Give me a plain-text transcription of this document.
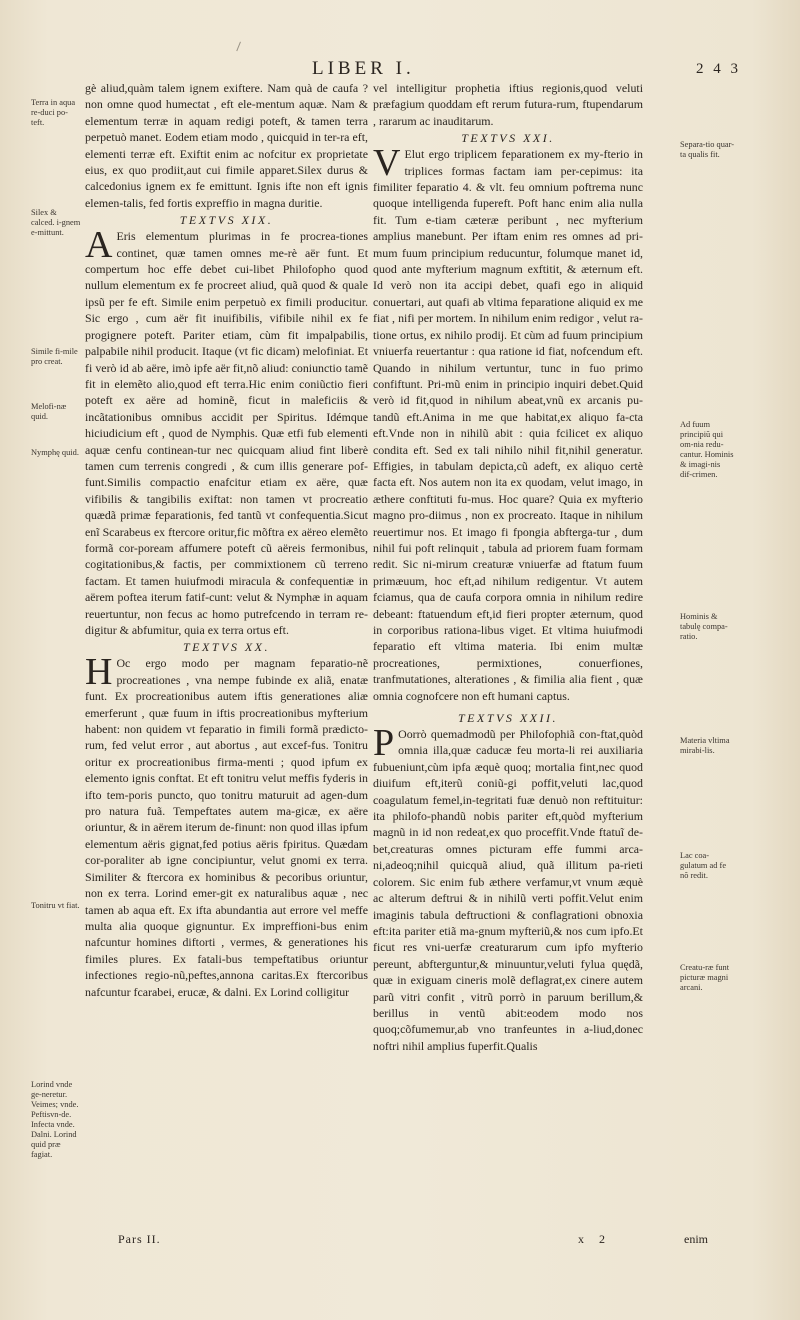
LIBER I.	2 4 3
Terra in aqua re-duci po-teft.
Silex & calced. i-gnem e-mittunt.
Simile fi-mile pro creat.
Melofi-næ quid.
Nymphę quid.
Tonitru vt fiat.
Lorind vnde ge-neretur. Veimes; vnde. Peftisvn-de. Infecta vnde. Dalni. Lorind quid præ fagiat.
Separa-tio quar-ta qualis fit.
Ad fuum principiũ qui om-nia redu-cantur. Hominis & imagi-nis dif-crimen.
Hominis & tabulę compa-ratio.
Materia vltima mirabi-lis.
Lac coa-gulatum ad fe nõ redit.
Creatu-ræ funt picturæ magni arcani.

gè aliud,quàm talem ignem exiftere. Nam quà de caufa ? non omne quod humectat , eft ele-mentum aquæ. Nam & elementum terræ in aquam redigi poteft, & tamen terra perpetuò manet. Eodem etiam modo , quicquid in ter-ra eft, elementi terræ eft. Exiftit enim ac nofcitur ex proprietate eius, ex quo prodiit,aut cui fimile apparet.Silex durus & calcedonius ignem ex fe emittunt. Ignis ifte non eft ignis elemen-talis, fed fortis expreffio in magna duritie.

TEXTVS XIX.

A Eris elementum plurimas in fe procrea-tiones continet, quæ tamen omnes me-rè aër funt. Et compertum hoc effe debet cui-libet Philofopho quod nullum elementum ex fe procreet aliud, quã quod & quale ipsũ per fe eft. Simile enim perpetuò ex fimili producitur. Sic ergo , cum aër fit inuifibilis, vifibile nihil ex fe progignere poteft. Pariter etiam, cùm fit impalpabilis, palpabile nihil producit. Itaque (vt fic dicam) melofiniat. Et fi verò id ab aëre, imò ipfe aër fit,nõ aliud: coniunctio tamẽ fit in elemẽto alio,quod eft terra.Hic enim coniũctio fieri poteft ex aëre ad hominẽ, ficut in maleficiis & incãtationibus omnibus accidit per Spiritus. Idémque hiciudicium eft , quod de Nymphis. Quæ etfi fub elementi aquæ cenfu continean-tur nec quicquam aliud fint liberè tamen cum terrenis congredi , & cum illis generare pof-funt.Similis compactio enafcitur etiam ex aëre, quæ vifibilis & tangibilis exiftat: non tamen vt procreatio quædã primæ feparationis, fed tantũ vt confequentia.Sicut enĩ Scarabeus ex ftercore oritur,fic mõftra ex aëreo elemẽto formã cor-poream affumere poteft cũ aëreis fermonibus, cogitationibus,& factis, per commixtionem cũ terreno factam. Et tamen huiufmodi miracula & confequentiæ in aërem poftea iterum fatif-cunt: velut & Nymphæ in aquam reuertuntur, non fecus ac homo putrefcendo in terram re-digitur & abfumitur, quia ex terra ortus eft.

TEXTVS XX.

H Oc ergo modo per magnam feparatio-nẽ procreationes , vna nempe fubinde ex aliã, enatæ funt. Ex procreationibus autem iftis generationes aliæ emerferunt , quæ fuum in iftis procreationibus myfterium habent: non quidem vt feparatio in fimili formã prædicto-rum, fed velut error , aut abortus , aut excef-fus. Tonitru oritur ex procreationibus firma-menti ; quod ipfum ex elemento ignis conftat. Et eft tonitru velut meffis fyderis in ifto tem-poris puncto, quo tonitru maturuit ad agen-dum pro natura fuã. Tempeftates autem ma-gicæ, ex aëre oriuntur, & in aërem iterum de-finunt: non quod illas ipfum elementum aëris gignat,fed potius aëris fpiritus. Quædam cor-poraliter ab igne concipiuntur, velut gnomi ex terra. Similiter & ftercora ex hominibus & pecoribus oriuntur, non ex terra. Lorind emer-git ex naturalibus aquæ , nec tamen ab aqua eft. Ex ifta abundantia aut errore vel meffe multa alia quoque gignuntur. Ex impreffioni-bus enim nafcuntur homines diftorti , vermes, & generationes his fimiles plures. Ex fatali-bus tempeftatibus oriuntur infectiones regio-nũ,peftes,annona caritas.Ex ftercoribus nafcuntur fcarabei, erucæ, & dalni. Ex Lorind colligitur

vel intelligitur prophetia iftius regionis,quod veluti præfagium quoddam eft rerum futura-rum, ftupendarum , rararum ac inauditarum.

TEXTVS XXI.

V Elut ergo triplicem feparationem ex my-fterio in triplices formas factam iam per-cepimus: ita fimiliter feparatio 4. & vlt. feu omnium poftrema nunc quoque intelligenda fupereft. Poft hanc enim alia nulla fit. Tum e-tiam cæteræ peribunt , nec myfterium amplius manebunt. Per iftam enim res omnes ad pri-mum fuum principium reducuntur, folumque manet id, quod ante myfterium magnum exftitit, & æternum eft. Id verò non ita accipi debet, quafi ego in aliquid conuertari, aut quafi ab vltima feparatione aliquid ex me fiat , nifi per mortem. In nihilum enim redigor , velut ra-tione ortus, ex nihilo prodij. Et cùm ad fuum principium vniuerfa reuertantur : qua ratione id fiat, nofcendum eft. Quando in nihilum vertuntur, tunc in fuo primo confiftunt. Pri-mũ enim in principio inquiri debet.Quid verò id fit,quod in nihilum abeat,vnũ ex arcanis pu-tandũ eft.Anima in me que habitat,ex aliquo fa-cta eft.Vnde non in nihilũ abit : quia fcilicet ex aliquo condita eft. Sed ex tali nihilo nihil fit,nihil generatur. Effigies, in tabulam depicta,cũ adeft, ex aliquo certè facta eft. Nos autem non ita ex quodam, velut imago, in æthere conftituti fu-mus. Hoc quare? Quia ex myfterio magno pro-diimus , non ex procreato. Itaque in nihilum reuertimur nos. Et imago fi fpongia abfterga-tur , dum nihil fui poft relinquit , tabula ad priorem fuam formam redit. Sic ni-mirum creaturæ vniuerfæ ad ftatum fuum primæuum, hoc eft,ad nihilum redigentur. Vt autem fciamus, qua de caufa corpora omnia in nihilum redire debeant: ftatuendum eft,id fieri propter æternum, quod in corporibus rationa-libus viget. Et vltima huiufmodi feparatio eft vltima materia. Ibi enim multæ procreationes, permixtiones, conuerfiones, tranfmutationes, alterationes , & fimilia alia fient , quæ omnia cognofcere non eft humani captus.

TEXTVS XXII.

P Oorrò quemadmodũ per Philofophiã con-ftat,quòd omnia illa,quæ caducæ feu morta-li rei auxiliaria fubueniunt,cùm ipfa æquè quoq; mortalia fint,nec quod diuifum eft,iterũ coniũ-gi poffit,veluti lac,quod coagulatum femel,in-tegritati fuæ denuò non reftituitur: ita philofo-phandũ nobis pariter eft,quòd myfterium magnũ in id non redeat,ex quo proceffit.Vnde ftatuĩ de-bet,creaturas omnes picturam effe fummi arca-ni,adeoq;nihil quicquã aliud, quã illitum pa-rieti colorem. Sic enim fub æthere verfamur,vt vnum æquè ac alterum deftrui & in nihilũ verti poffit.Velut enim imaginis tabula deftructioni & conflagrationi obnoxia eft:ita pariter etiã ma-gnum myfteriũ,& nos cum ipfo.Et ficut res vni-uerfæ creaturarum cum ipfo myfterio pereunt, abfterguntur,& minuuntur,veluti fylua quędã, quæ in exiguam cineris molẽ deflagrat,ex cinere autem parũ vitri confit , vitrũ porrò in paruum berillum,& berillus in ventũ abit:eodem modo nos quoq;cõfumemur,ab vno tranfeuntes in a-liud,donec noftri nihil amplius fuperfit.Qualis

Pars II.	x 2	enim
